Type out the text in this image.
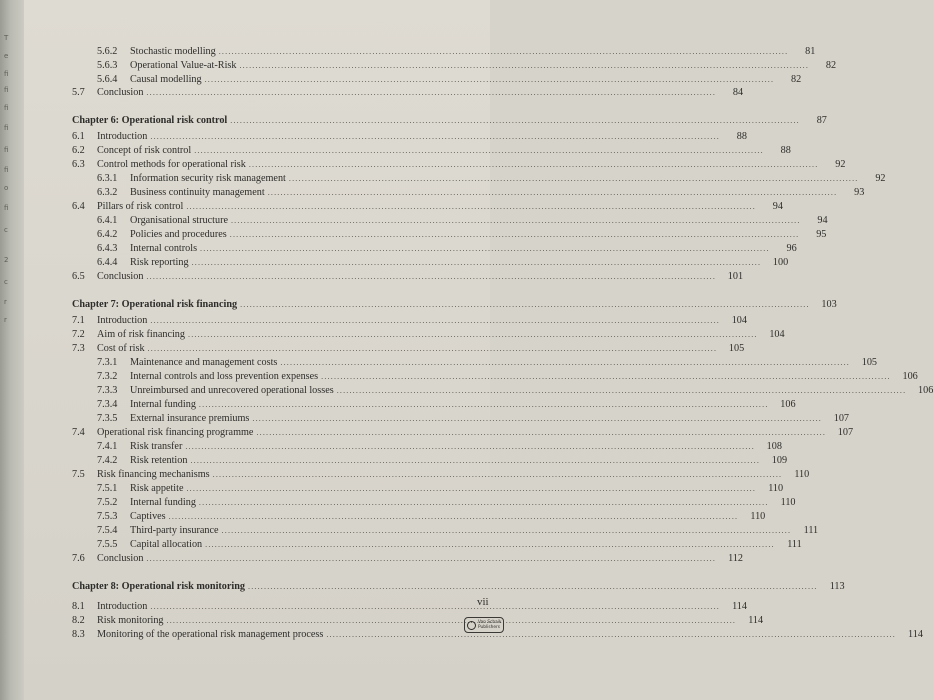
T
e
fi
fi
fi
fi
fi
fi
o
fi
c
2
c
r
r
5.6.2	Stochastic modelling .....	81
5.6.3	Operational Value-at-Risk .....	82
5.6.4	Causal modelling .....	82
5.7	Conclusion .....	84
Chapter 6: Operational risk control .....	87
6.1	Introduction .....	88
6.2	Concept of risk control .....	88
6.3	Control methods for operational risk .....	92
6.3.1	Information security risk management .....	92
6.3.2	Business continuity management .....	93
6.4	Pillars of risk control .....	94
6.4.1	Organisational structure .....	94
6.4.2	Policies and procedures .....	95
6.4.3	Internal controls .....	96
6.4.4	Risk reporting .....	100
6.5	Conclusion .....	101
Chapter 7: Operational risk financing .....	103
7.1	Introduction .....	104
7.2	Aim of risk financing .....	104
7.3	Cost of risk .....	105
7.3.1	Maintenance and management costs .....	105
7.3.2	Internal controls and loss prevention expenses .....	106
7.3.3	Unreimbursed and unrecovered operational losses .....	106
7.3.4	Internal funding .....	106
7.3.5	External insurance premiums .....	107
7.4	Operational risk financing programme .....	107
7.4.1	Risk transfer .....	108
7.4.2	Risk retention .....	109
7.5	Risk financing mechanisms .....	110
7.5.1	Risk appetite .....	110
7.5.2	Internal funding .....	110
7.5.3	Captives .....	110
7.5.4	Third-party insurance .....	111
7.5.5	Capital allocation .....	111
7.6	Conclusion .....	112
Chapter 8: Operational risk monitoring .....	113
8.1	Introduction .....	114
8.2	Risk monitoring .....	114
8.3	Monitoring of the operational risk management process .....	114
vii
Van Schaik
Publishers
